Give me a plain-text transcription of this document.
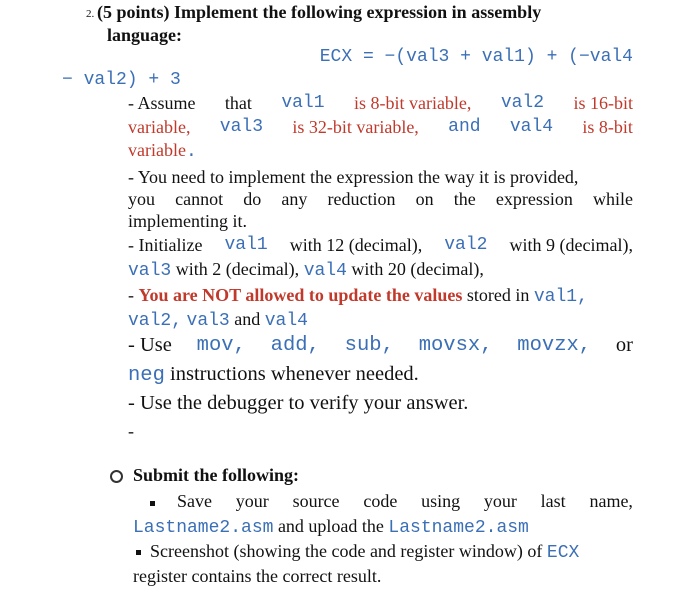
2. (5 points) Implement the following expression in assembly
language:
ECX = −(val3 + val1) + (−val4
− val2) + 3
- Assume that val1 is 8-bit variable, val2 is 16-bit
variable, val3 is 32-bit variable, and val4 is 8-bit
variable.
- You need to implement the expression the way it is provided,
you cannot do any reduction on the expression while
implementing it.
- Initialize val1 with 12 (decimal), val2 with 9 (decimal),
val3 with 2 (decimal), val4 with 20 (decimal),
- You are NOT allowed to update the values stored in val1,
val2, val3 and val4
- Use mov, add, sub, movsx, movzx, or
neg instructions whenever needed.
- Use the debugger to verify your answer.
-
Submit the following:
Save your source code using your last name,
Lastname2.asm and upload the Lastname2.asm
Screenshot (showing the code and register window) of ECX
register contains the correct result.
